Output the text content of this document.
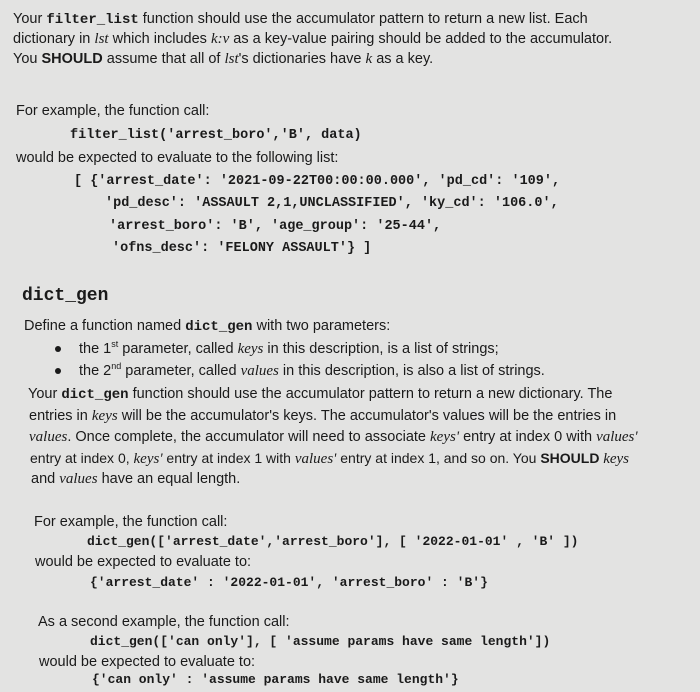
Your filter_list function should use the accumulator pattern to return a new list. Each
dictionary in lst which includes k:v as a key-value pairing should be added to the accumulator.
You SHOULD assume that all of lst's dictionaries have k as a key.
For example, the function call:
filter_list('arrest_boro','B', data)
would be expected to evaluate to the following list:
[ {'arrest_date': '2021-09-22T00:00:00.000', 'pd_cd': '109',
'pd_desc': 'ASSAULT 2,1,UNCLASSIFIED', 'ky_cd': '106.0',
'arrest_boro': 'B', 'age_group': '25-44',
'ofns_desc': 'FELONY ASSAULT'} ]
dict_gen
Define a function named dict_gen with two parameters:
the 1st parameter, called keys in this description, is a list of strings;
the 2nd parameter, called values in this description, is also a list of strings.
Your dict_gen function should use the accumulator pattern to return a new dictionary. The
entries in keys will be the accumulator's keys. The accumulator's values will be the entries in
values. Once complete, the accumulator will need to associate keys' entry at index 0 with values'
entry at index 0, keys' entry at index 1 with values' entry at index 1, and so on. You SHOULD keys
and values have an equal length.
For example, the function call:
dict_gen(['arrest_date','arrest_boro'], [ '2022-01-01' , 'B' ])
would be expected to evaluate to:
{'arrest_date' : '2022-01-01', 'arrest_boro' : 'B'}
As a second example, the function call:
dict_gen(['can only'], [ 'assume params have same length'])
would be expected to evaluate to:
{'can only' : 'assume params have same length'}
